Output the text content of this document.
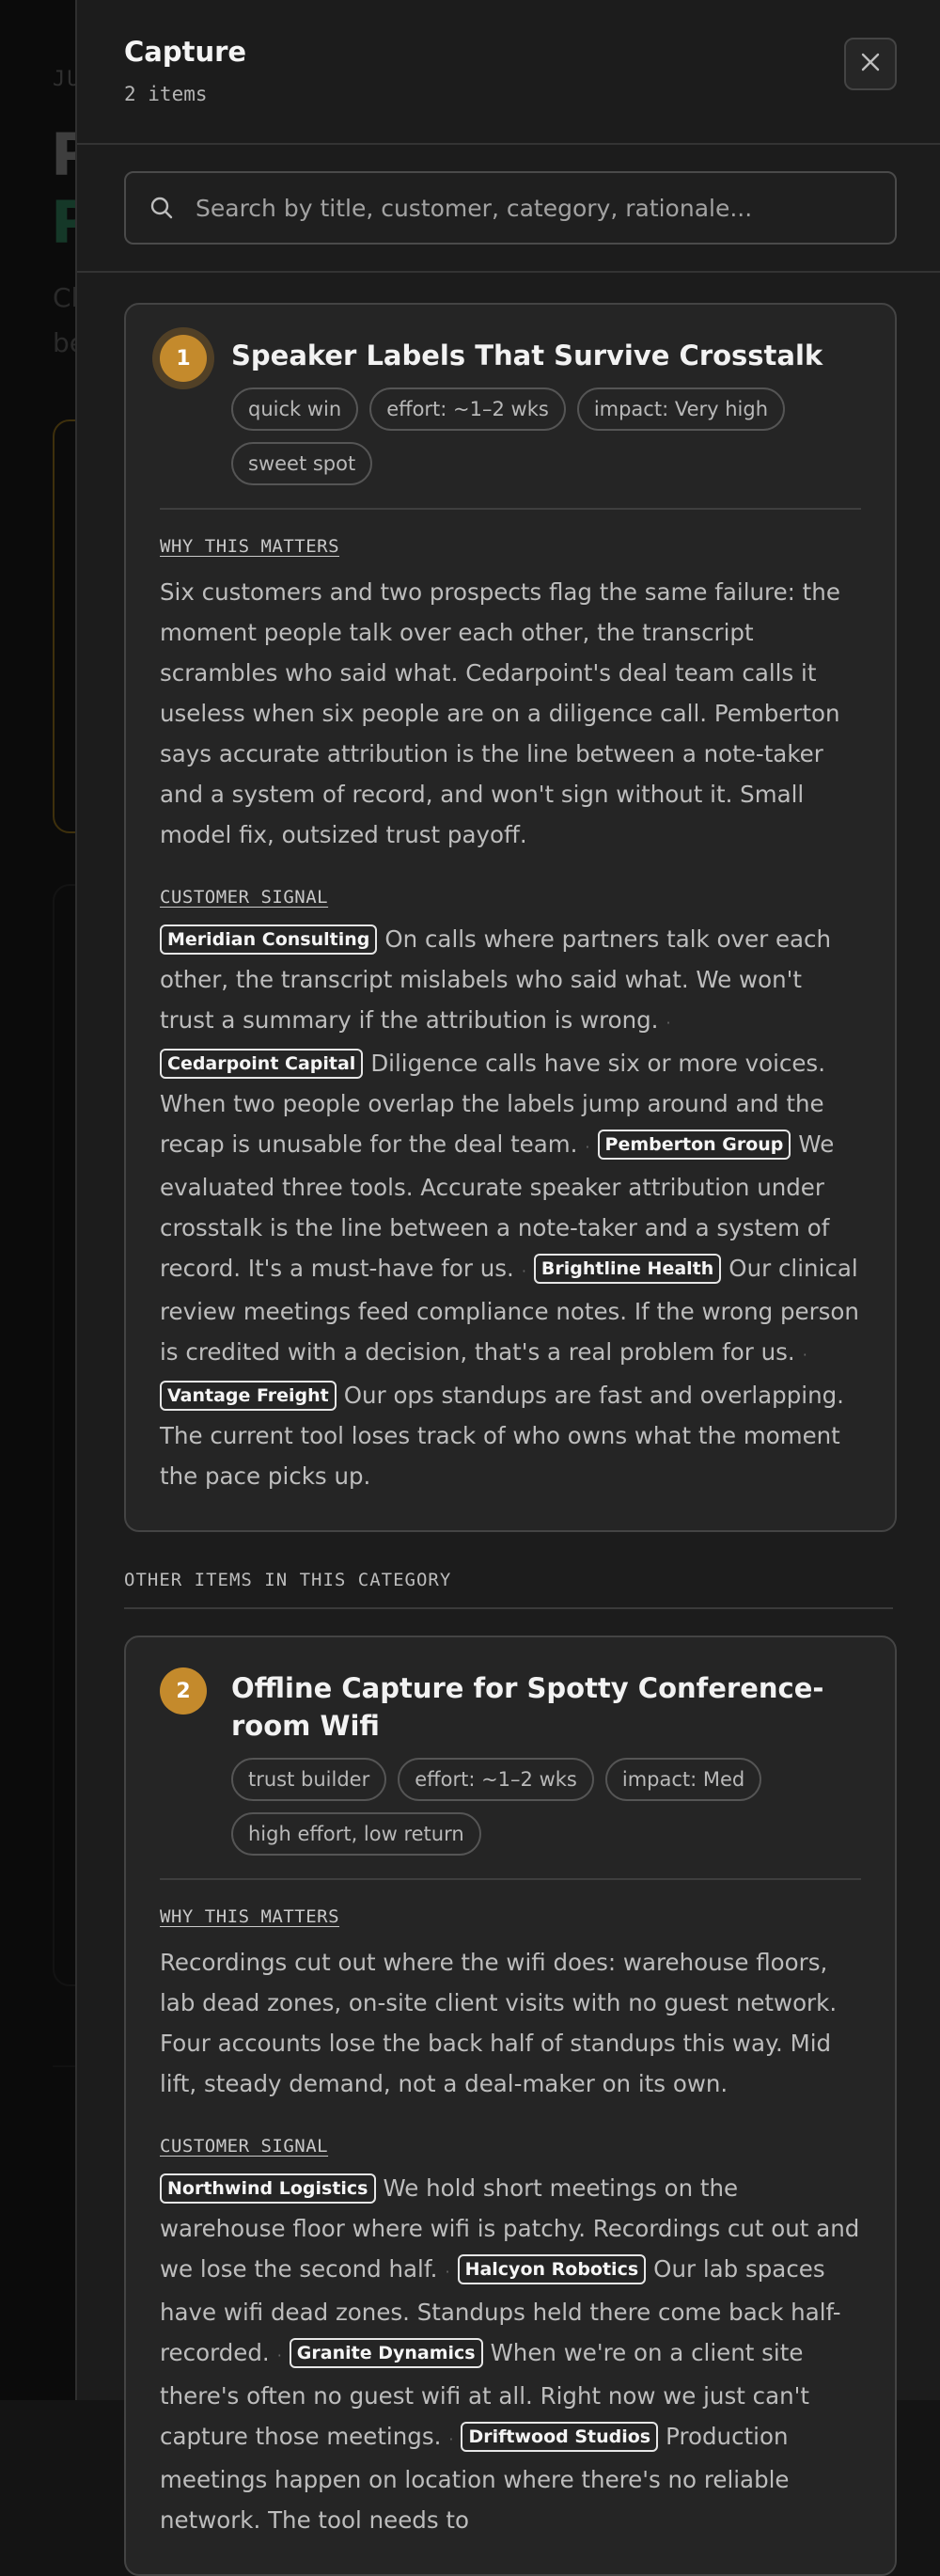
Capture
2 items
Search by title, customer, category, rationale...
1	Speaker Labels That Survive Crosstalk
quick win	effort: ~1–2 wks	impact: Very high
sweet spot
WHY THIS MATTERS
Six customers and two prospects flag the same failure: the moment people talk over each other, the transcript scrambles who said what. Cedarpoint's deal team calls it useless when six people are on a diligence call. Pemberton says accurate attribution is the line between a note-taker and a system of record, and won't sign without it. Small model fix, outsized trust payoff.
CUSTOMER SIGNAL
Meridian Consulting On calls where partners talk over each other, the transcript mislabels who said what. We won't trust a summary if the attribution is wrong. ·Cedarpoint Capital Diligence calls have six or more voices. When two people overlap the labels jump around and the recap is unusable for the deal team. · Pemberton Group We evaluated three tools. Accurate speaker attribution under crosstalk is the line between a note-taker and a system of record. It's a must-have for us. · Brightline Health Our clinical review meetings feed compliance notes. If the wrong person is credited with a decision, that's a real problem for us. ·Vantage Freight Our ops standups are fast and overlapping. The current tool loses track of who owns what the moment the pace picks up.
OTHER ITEMS IN THIS CATEGORY
2	Offline Capture for Spotty Conference-room Wifi
trust builder	effort: ~1–2 wks	impact: Med
high effort, low return
WHY THIS MATTERS
Recordings cut out where the wifi does: warehouse floors, lab dead zones, on-site client visits with no guest network. Four accounts lose the back half of standups this way. Mid lift, steady demand, not a deal-maker on its own.
CUSTOMER SIGNAL
Northwind Logistics We hold short meetings on the warehouse floor where wifi is patchy. Recordings cut out and we lose the second half. · Halcyon Robotics Our lab spaces have wifi dead zones. Standups held there come back half-recorded. · Granite Dynamics When we're on a client site there's often no guest wifi at all. Right now we just can't capture those meetings. · Driftwood Studios Production meetings happen on location where there's no reliable network. The tool needs to
